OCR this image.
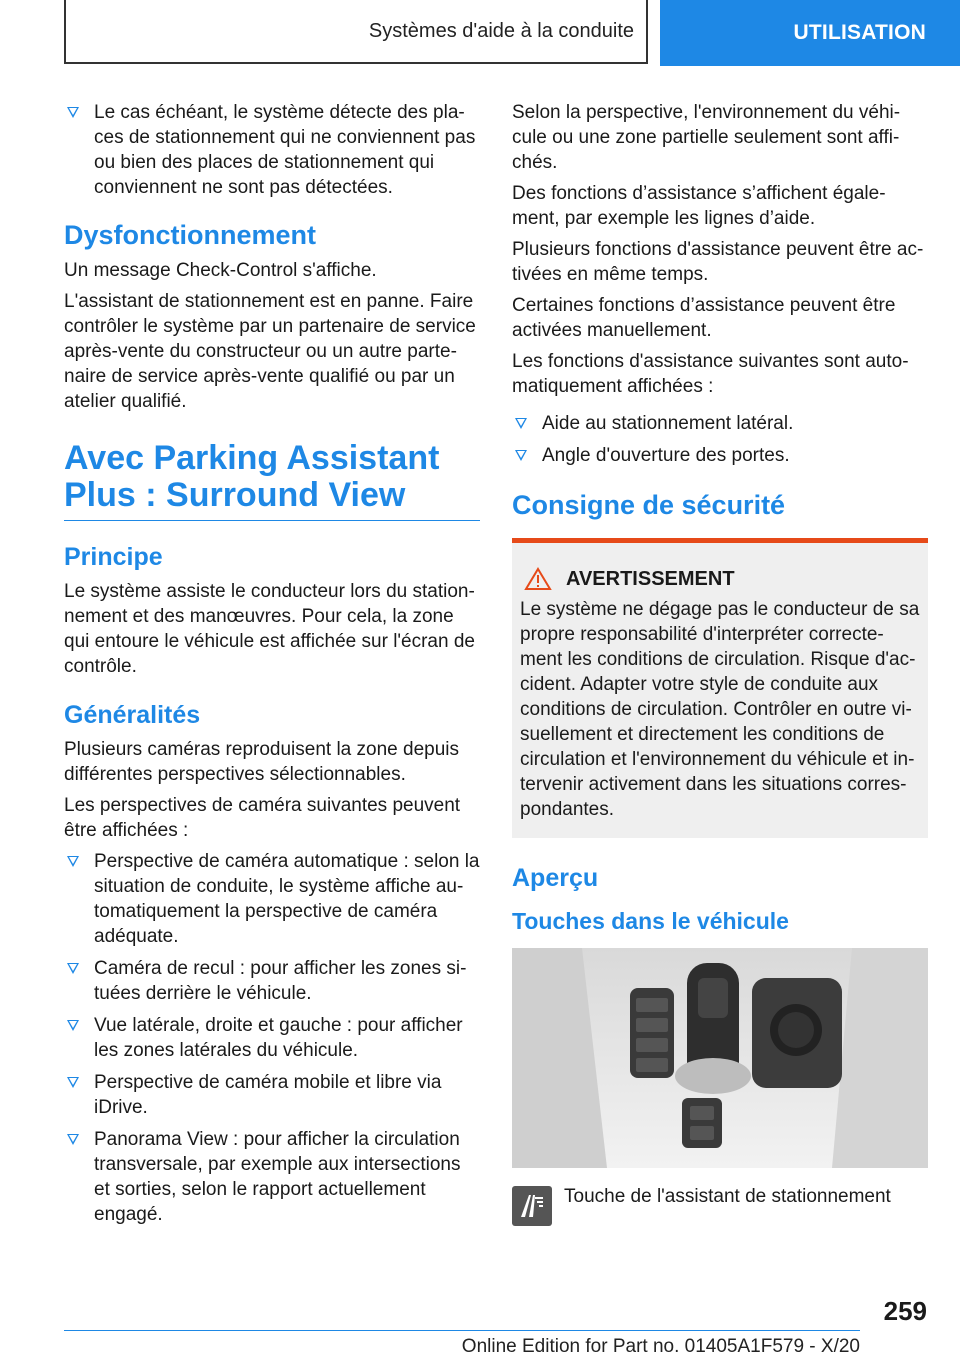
Systèmes d'aide à la conduite	UTILISATION
Le cas échéant, le système détecte des pla-ces de stationnement qui ne conviennent pas ou bien des places de stationnement qui conviennent ne sont pas détectées.
Dysfonctionnement

Un message Check-Control s'affiche.

L'assistant de stationnement est en panne. Faire contrôler le système par un partenaire de service après-vente du constructeur ou un autre parte-naire de service après-vente qualifié ou par un atelier qualifié.

Avec Parking Assistant Plus : Surround View
Principe

Le système assiste le conducteur lors du station-nement et des manœuvres. Pour cela, la zone qui entoure le véhicule est affichée sur l'écran de contrôle.

Généralités

Plusieurs caméras reproduisent la zone depuis différentes perspectives sélectionnables.

Les perspectives de caméra suivantes peuvent être affichées :

Perspective de caméra automatique : selon la situation de conduite, le système affiche au-tomatiquement la perspective de caméra adéquate.
Caméra de recul : pour afficher les zones si-tuées derrière le véhicule.
Vue latérale, droite et gauche : pour afficher les zones latérales du véhicule.
Perspective de caméra mobile et libre via iDrive.
Panorama View : pour afficher la circulation transversale, par exemple aux intersections et sorties, selon le rapport actuellement engagé.

Selon la perspective, l'environnement du véhi-cule ou une zone partielle seulement sont affi-chés.

Des fonctions d’assistance s’affichent égale-ment, par exemple les lignes d’aide.

Plusieurs fonctions d'assistance peuvent être ac-tivées en même temps.

Certaines fonctions d’assistance peuvent être activées manuellement.

Les fonctions d'assistance suivantes sont auto-matiquement affichées :

Aide au stationnement latéral.
Angle d'ouverture des portes.
Consigne de sécurité
AVERTISSEMENT

Le système ne dégage pas le conducteur de sa propre responsabilité d'interpréter correcte-ment les conditions de circulation. Risque d'ac-cident. Adapter votre style de conduite aux conditions de circulation. Contrôler en outre vi-suellement et directement les conditions de circulation et l'environnement du véhicule et in-tervenir activement dans les situations corres-pondantes.

Aperçu
Touches dans le véhicule
Touche de l'assistant de stationnement
259
Online Edition for Part no. 01405A1F579 - X/20
